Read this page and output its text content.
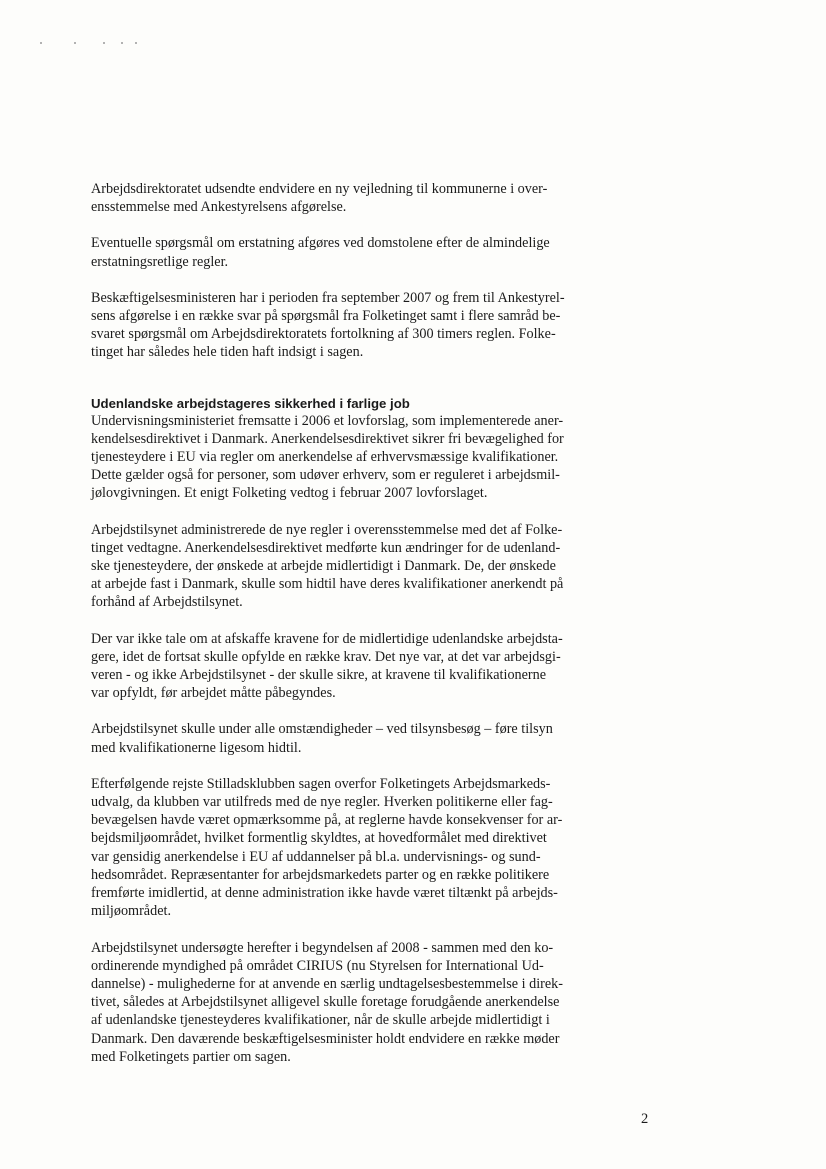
Arbejdsdirektoratet udsendte endvidere en ny vejledning til kommunerne i over-
ensstemmelse med Ankestyrelsens afgørelse.

Eventuelle spørgsmål om erstatning afgøres ved domstolene efter de almindelige
erstatningsretlige regler.

Beskæftigelsesministeren har i perioden fra september 2007 og frem til Ankestyrel-
sens afgørelse i en række svar på spørgsmål fra Folketinget samt i flere samråd be-
svaret spørgsmål om Arbejdsdirektoratets fortolkning af 300 timers reglen. Folke-
tinget har således hele tiden haft indsigt i sagen.

Udenlandske arbejdstageres sikkerhed i farlige job

Undervisningsministeriet fremsatte i 2006 et lovforslag, som implementerede aner-
kendelsesdirektivet i Danmark. Anerkendelsesdirektivet sikrer fri bevægelighed for
tjenesteydere i EU via regler om anerkendelse af erhvervsmæssige kvalifikationer.
Dette gælder også for personer, som udøver erhverv, som er reguleret i arbejdsmil-
jølovgivningen. Et enigt Folketing vedtog i februar 2007 lovforslaget.

Arbejdstilsynet administrerede de nye regler i overensstemmelse med det af Folke-
tinget vedtagne. Anerkendelsesdirektivet medførte kun ændringer for de udenland-
ske tjenesteydere, der ønskede at arbejde midlertidigt i Danmark. De, der ønskede
at arbejde fast i Danmark, skulle som hidtil have deres kvalifikationer anerkendt på
forhånd af Arbejdstilsynet.

Der var ikke tale om at afskaffe kravene for de midlertidige udenlandske arbejdsta-
gere, idet de fortsat skulle opfylde en række krav. Det nye var, at det var arbejdsgi-
veren - og ikke Arbejdstilsynet - der skulle sikre, at kravene til kvalifikationerne
var opfyldt, før arbejdet måtte påbegyndes.

Arbejdstilsynet skulle under alle omstændigheder – ved tilsynsbesøg – føre tilsyn
med kvalifikationerne ligesom hidtil.

Efterfølgende rejste Stilladsklubben sagen overfor Folketingets Arbejdsmarkeds-
udvalg, da klubben var utilfreds med de nye regler. Hverken politikerne eller fag-
bevægelsen havde været opmærksomme på, at reglerne havde konsekvenser for ar-
bejdsmiljøområdet, hvilket formentlig skyldtes, at hovedformålet med direktivet
var gensidig anerkendelse i EU af uddannelser på bl.a. undervisnings- og sund-
hedsområdet. Repræsentanter for arbejdsmarkedets parter og en række politikere
fremførte imidlertid, at denne administration ikke havde været tiltænkt på arbejds-
miljøområdet.

Arbejdstilsynet undersøgte herefter i begyndelsen af 2008 - sammen med den ko-
ordinerende myndighed på området CIRIUS (nu Styrelsen for International Ud-
dannelse) - mulighederne for at anvende en særlig undtagelsesbestemmelse i direk-
tivet, således at Arbejdstilsynet alligevel skulle foretage forudgående anerkendelse
af udenlandske tjenesteyderes kvalifikationer, når de skulle arbejde midlertidigt i
Danmark. Den daværende beskæftigelsesminister holdt endvidere en række møder
med Folketingets partier om sagen.

2
